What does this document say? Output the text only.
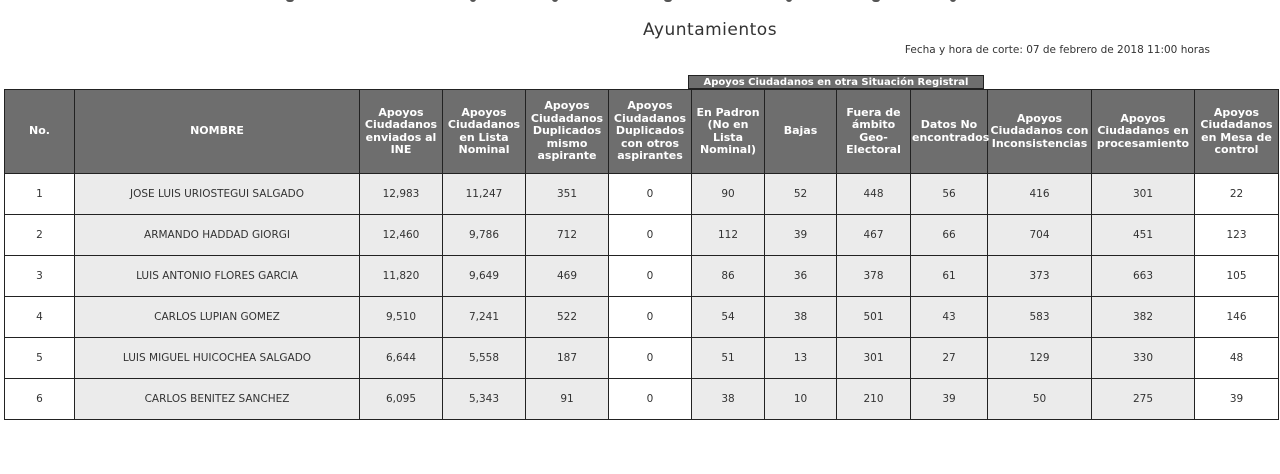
Ayuntamientos
Fecha y hora de corte: 07 de febrero de 2018 11:00 horas
Apoyos Ciudadanos en otra Situación Registral
No.	NOMBRE	Apoyos Ciudadanos enviados al INE	Apoyos Ciudadanos en Lista Nominal	Apoyos Ciudadanos Duplicados mismo aspirante	Apoyos Ciudadanos Duplicados con otros aspirantes	En Padron (No en Lista Nominal)	Bajas	Fuera de ámbito Geo-Electoral	Datos No encontrados	Apoyos Ciudadanos con Inconsistencias	Apoyos Ciudadanos en procesamiento	Apoyos Ciudadanos en Mesa de control
1	JOSE LUIS URIOSTEGUI SALGADO	12,983	11,247	351	0	90	52	448	56	416	301	22
2	ARMANDO HADDAD GIORGI	12,460	9,786	712	0	112	39	467	66	704	451	123
3	LUIS ANTONIO FLORES GARCIA	11,820	9,649	469	0	86	36	378	61	373	663	105
4	CARLOS LUPIAN GOMEZ	9,510	7,241	522	0	54	38	501	43	583	382	146
5	LUIS MIGUEL HUICOCHEA SALGADO	6,644	5,558	187	0	51	13	301	27	129	330	48
6	CARLOS BENITEZ SANCHEZ	6,095	5,343	91	0	38	10	210	39	50	275	39
